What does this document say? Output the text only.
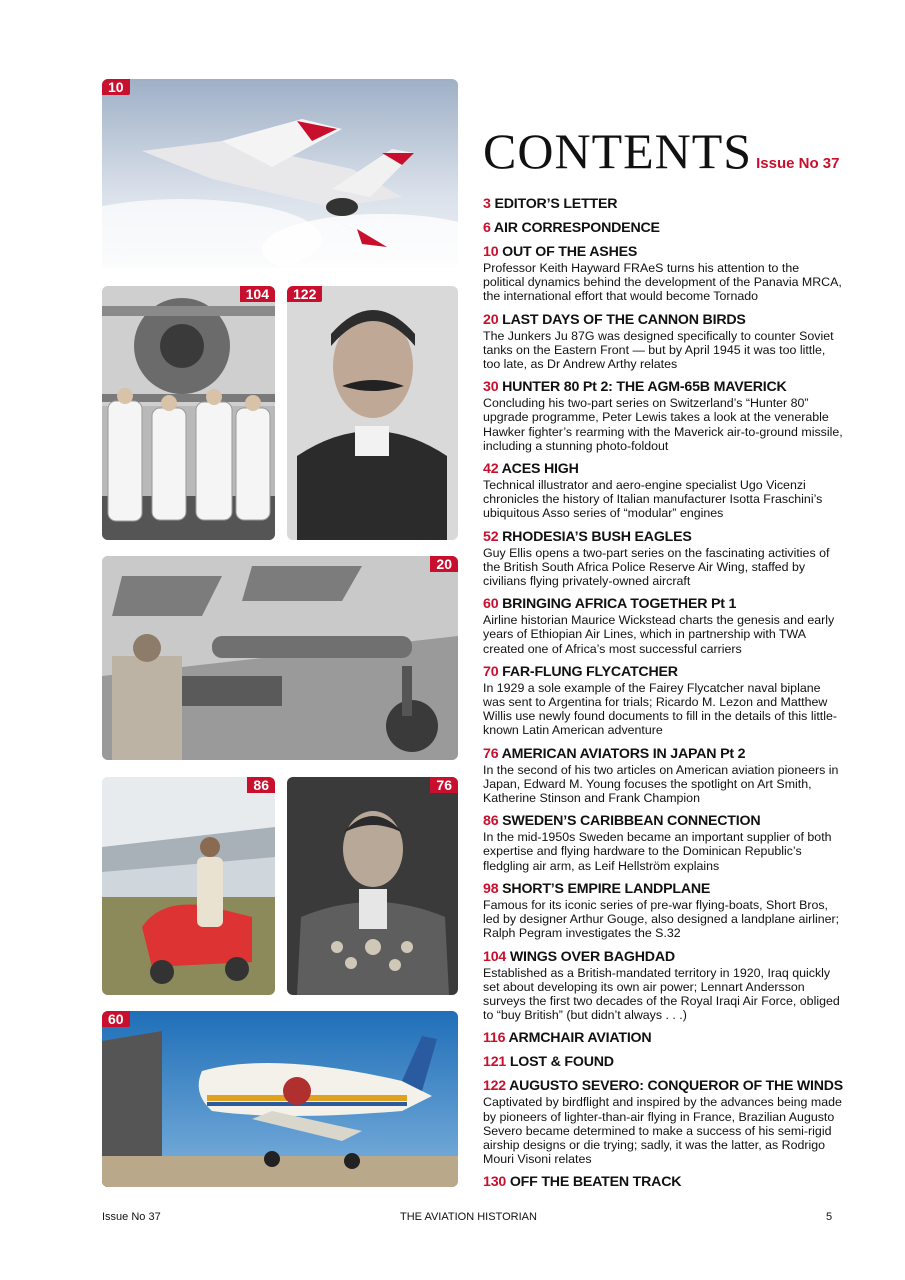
10
104	122
20
86	76
60
CONTENTS Issue No 37
3 EDITOR’S LETTER
6 AIR CORRESPONDENCE
10 OUT OF THE ASHES
Professor Keith Hayward FRAeS turns his attention to the political dynamics behind the development of the Panavia MRCA, the international effort that would become Tornado
20 LAST DAYS OF THE CANNON BIRDS
The Junkers Ju 87G was designed specifically to counter Soviet tanks on the Eastern Front — but by April 1945 it was too little, too late, as Dr Andrew Arthy relates
30 HUNTER 80 Pt 2: THE AGM-65B MAVERICK
Concluding his two-part series on Switzerland’s “Hunter 80” upgrade programme, Peter Lewis takes a look at the venerable Hawker fighter’s rearming with the Maverick air-to-ground missile, including a stunning photo-foldout
42 ACES HIGH
Technical illustrator and aero-engine specialist Ugo Vicenzi chronicles the history of Italian manufacturer Isotta Fraschini’s ubiquitous Asso series of “modular” engines
52 RHODESIA’S BUSH EAGLES
Guy Ellis opens a two-part series on the fascinating activities of the British South Africa Police Reserve Air Wing, staffed by civilians flying privately-owned aircraft
60 BRINGING AFRICA TOGETHER Pt 1
Airline historian Maurice Wickstead charts the genesis and early years of Ethiopian Air Lines, which in partnership with TWA created one of Africa’s most successful carriers
70 FAR-FLUNG FLYCATCHER
In 1929 a sole example of the Fairey Flycatcher naval biplane was sent to Argentina for trials; Ricardo M. Lezon and Matthew Willis use newly found documents to fill in the details of this little-known Latin American adventure
76 AMERICAN AVIATORS IN JAPAN Pt 2
In the second of his two articles on American aviation pioneers in Japan, Edward M. Young focuses the spotlight on Art Smith, Katherine Stinson and Frank Champion
86 SWEDEN’S CARIBBEAN CONNECTION
In the mid-1950s Sweden became an important supplier of both expertise and flying hardware to the Dominican Republic’s fledgling air arm, as Leif Hellström explains
98 SHORT’S EMPIRE LANDPLANE
Famous for its iconic series of pre-war flying-boats, Short Bros, led by designer Arthur Gouge, also designed a landplane airliner; Ralph Pegram investigates the S.32
104 WINGS OVER BAGHDAD
Established as a British-mandated territory in 1920, Iraq quickly set about developing its own air power; Lennart Andersson surveys the first two decades of the Royal Iraqi Air Force, obliged to “buy British” (but didn’t always . . .)
116 ARMCHAIR AVIATION
121 LOST & FOUND
122 AUGUSTO SEVERO: CONQUEROR OF THE WINDS
Captivated by birdflight and inspired by the advances being made by pioneers of lighter-than-air flying in France, Brazilian Augusto Severo became determined to make a success of his semi-rigid airship designs or die trying; sadly, it was the latter, as Rodrigo Mouri Visoni relates
130 OFF THE BEATEN TRACK
Issue No 37	THE AVIATION HISTORIAN	5
